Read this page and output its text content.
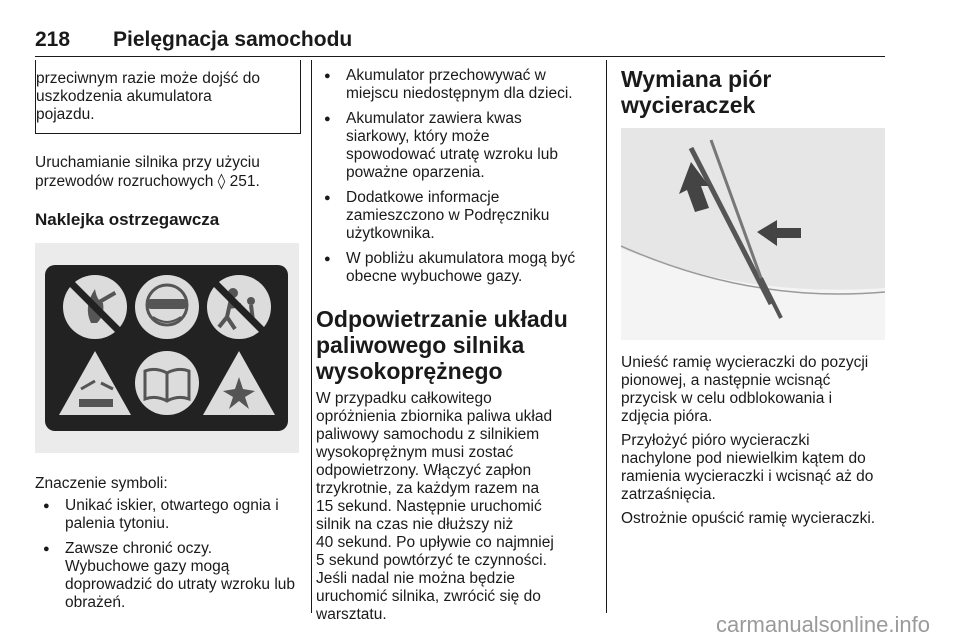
218 Pielęgnacja samochodu

przeciwnym razie może dojść do

uszkodzenia akumulatora

pojazdu.

Uruchamianie silnika przy użyciu

przewodów rozruchowych ◊ 251.

Naklejka ostrzegawcza

Znaczenie symboli:

● Unikać iskier, otwartego ognia i
palenia tytoniu.
● Zawsze chronić oczy.
Wybuchowe gazy mogą
doprowadzić do utraty wzroku lub
obrażeń.
● Akumulator przechowywać w
miejscu niedostępnym dla dzieci.
● Akumulator zawiera kwas
siarkowy, który może
spowodować utratę wzroku lub
poważne oparzenia.
● Dodatkowe informacje
zamieszczono w Podręczniku
użytkownika.
● W pobliżu akumulatora mogą być
obecne wybuchowe gazy.
Odpowietrzanie układu
paliwowego silnika
wysokoprężnego

W przypadku całkowitego

opróżnienia zbiornika paliwa układ

paliwowy samochodu z silnikiem

wysokoprężnym musi zostać

odpowietrzony. Włączyć zapłon

trzykrotnie, za każdym razem na

15 sekund. Następnie uruchomić

silnik na czas nie dłuższy niż

40 sekund. Po upływie co najmniej

5 sekund powtórzyć te czynności.

Jeśli nadal nie można będzie

uruchomić silnika, zwrócić się do

warsztatu.

Wymiana piór wycieraczek

Unieść ramię wycieraczki do pozycji

pionowej, a następnie wcisnąć

przycisk w celu odblokowania i

zdjęcia pióra.

Przyłożyć pióro wycieraczki

nachylone pod niewielkim kątem do

ramienia wycieraczki i wcisnąć aż do

zatrzaśnięcia.

Ostrożnie opuścić ramię wycieraczki.

carmanualsonline.info
